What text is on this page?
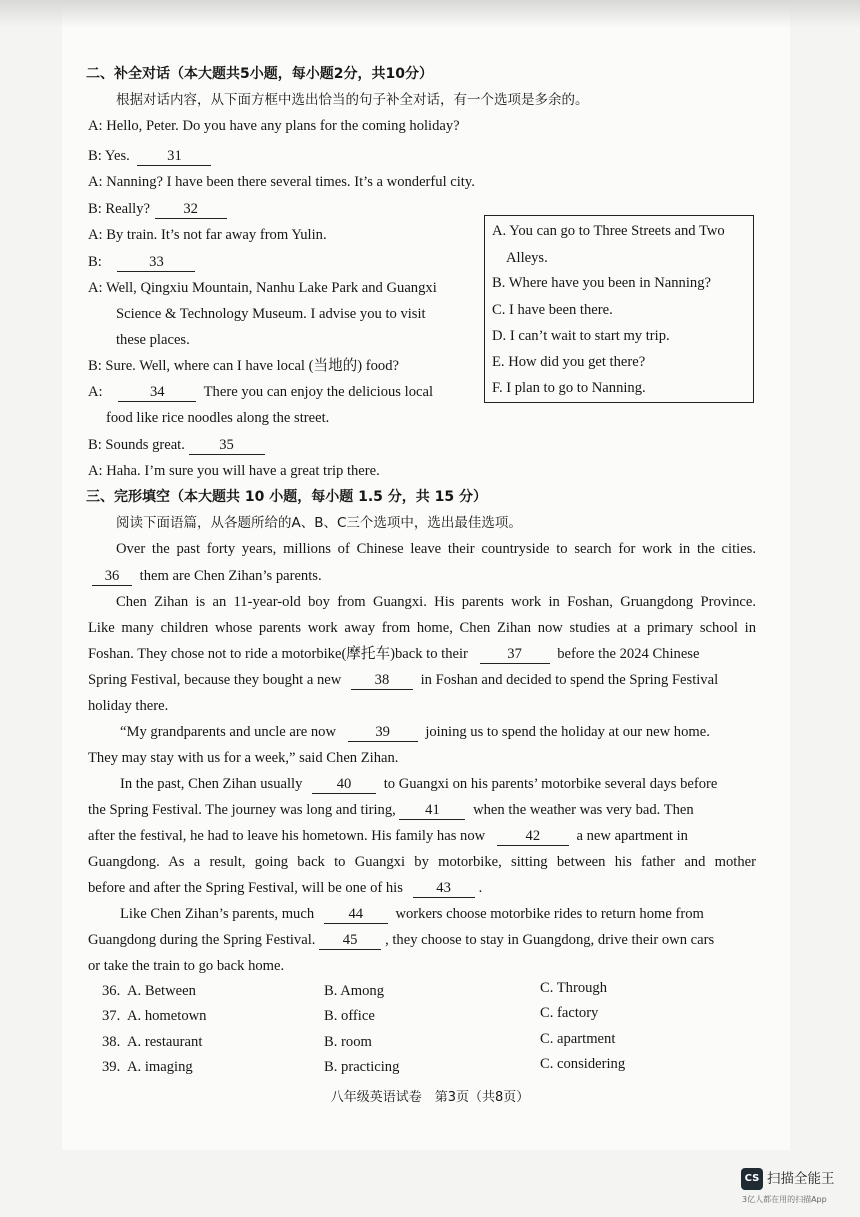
二、补全对话（本大题共5小题，每小题2分，共10分）
根据对话内容，从下面方框中选出恰当的句子补全对话，有一个选项是多余的。
A: Hello, Peter. Do you have any plans for the coming holiday?
B: Yes.	31
A: Nanning? I have been there several times. It’s a wonderful city.
B: Really? 32
A: By train. It’s not far away from Yulin.
B:	33
A: Well, Qingxiu Mountain, Nanhu Lake Park and Guangxi
Science & Technology Museum. I advise you to visit
these places.
B: Sure. Well, where can I have local (当地的) food?
A:	34	There you can enjoy the delicious local
food like rice noodles along the street.
B: Sounds great. 35
A: Haha. I’m sure you will have a great trip there.
A. You can go to Three Streets and Two
Alleys.
B. Where have you been in Nanning?
C. I have been there.
D. I can’t wait to start my trip.
E. How did you get there?
F. I plan to go to Nanning.
三、完形填空（本大题共 10 小题，每小题 1.5 分，共 15 分）
阅读下面语篇，从各题所给的A、B、C三个选项中，选出最佳选项。
Over the past forty years, millions of Chinese leave their countryside to search for work in the cities.
36 them are Chen Zihan’s parents.
Chen Zihan is an 11-year-old boy from Guangxi. His parents work in Foshan, Gruangdong Province.
Like many children whose parents work away from home, Chen Zihan now studies at a primary school in
Foshan. They chose not to ride a motorbike(摩托车)back to their	37 before the 2024 Chinese
Spring Festival, because they bought a new 38 in Foshan and decided to spend the Spring Festival
holiday there.
“My grandparents and uncle are now	39 joining us to spend the holiday at our new home.
They may stay with us for a week,” said Chen Zihan.
In the past, Chen Zihan usually 40 to Guangxi on his parents’ motorbike several days before
the Spring Festival. The journey was long and tiring, 41 when the weather was very bad. Then
after the festival, he had to leave his hometown. His family has now	42 a new apartment in
Guangdong. As a result, going back to Guangxi by motorbike, sitting between his father and mother
before and after the Spring Festival, will be one of his 43 .
Like Chen Zihan’s parents, much 44 workers choose motorbike rides to return home from
Guangdong during the Spring Festival. 45 , they choose to stay in Guangdong, drive their own cars
or take the train to go back home.
36. A. Between	B. Among	C. Through
37. A. hometown	B. office	C. factory
38. A. restaurant	B. room	C. apartment
39. A. imaging	B. practicing	C. considering
八年级英语试卷　第3页（共8页）
CS 扫描全能王
3亿人都在用的扫描App
